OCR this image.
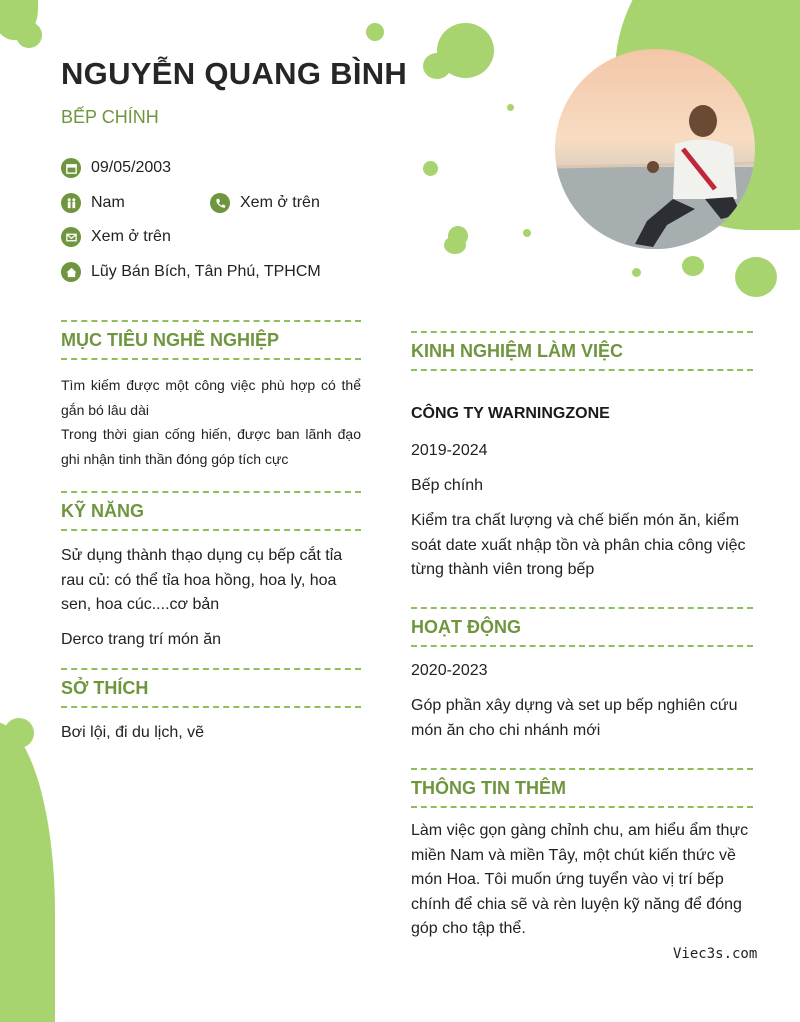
NGUYỄN QUANG BÌNH
BẾP CHÍNH
09/05/2003
Nam	Xem ở trên
Xem ở trên
Lũy Bán Bích, Tân Phú, TPHCM
MỤC TIÊU NGHỀ NGHIỆP
Tìm kiếm được một công việc phù hợp có thể gắn bó lâu dài
Trong thời gian cống hiến, được ban lãnh đạo ghi nhận tinh thần đóng góp tích cực
KỸ NĂNG
Sử dụng thành thạo dụng cụ bếp cắt tỉa rau củ: có thể tỉa hoa hồng, hoa ly, hoa sen, hoa cúc....cơ bản
Derco trang trí món ăn
SỞ THÍCH
Bơi lội, đi du lịch, vẽ
KINH NGHIỆM LÀM VIỆC
CÔNG TY WARNINGZONE
2019-2024
Bếp chính
Kiểm tra chất lượng và chế biến món ăn, kiểm soát date xuất nhập tồn và phân chia công việc từng thành viên trong bếp
HOẠT ĐỘNG
2020-2023
Góp phần xây dựng và set up bếp nghiên cứu món ăn cho chi nhánh mới
THÔNG TIN THÊM
Làm việc gọn gàng chỉnh chu, am hiểu ẩm thực miền Nam và miền Tây, một chút kiến thức về món Hoa. Tôi muốn ứng tuyển vào vị trí bếp chính để chia sẽ và rèn luyện kỹ năng để đóng góp cho tập thể.
Viec3s.com
